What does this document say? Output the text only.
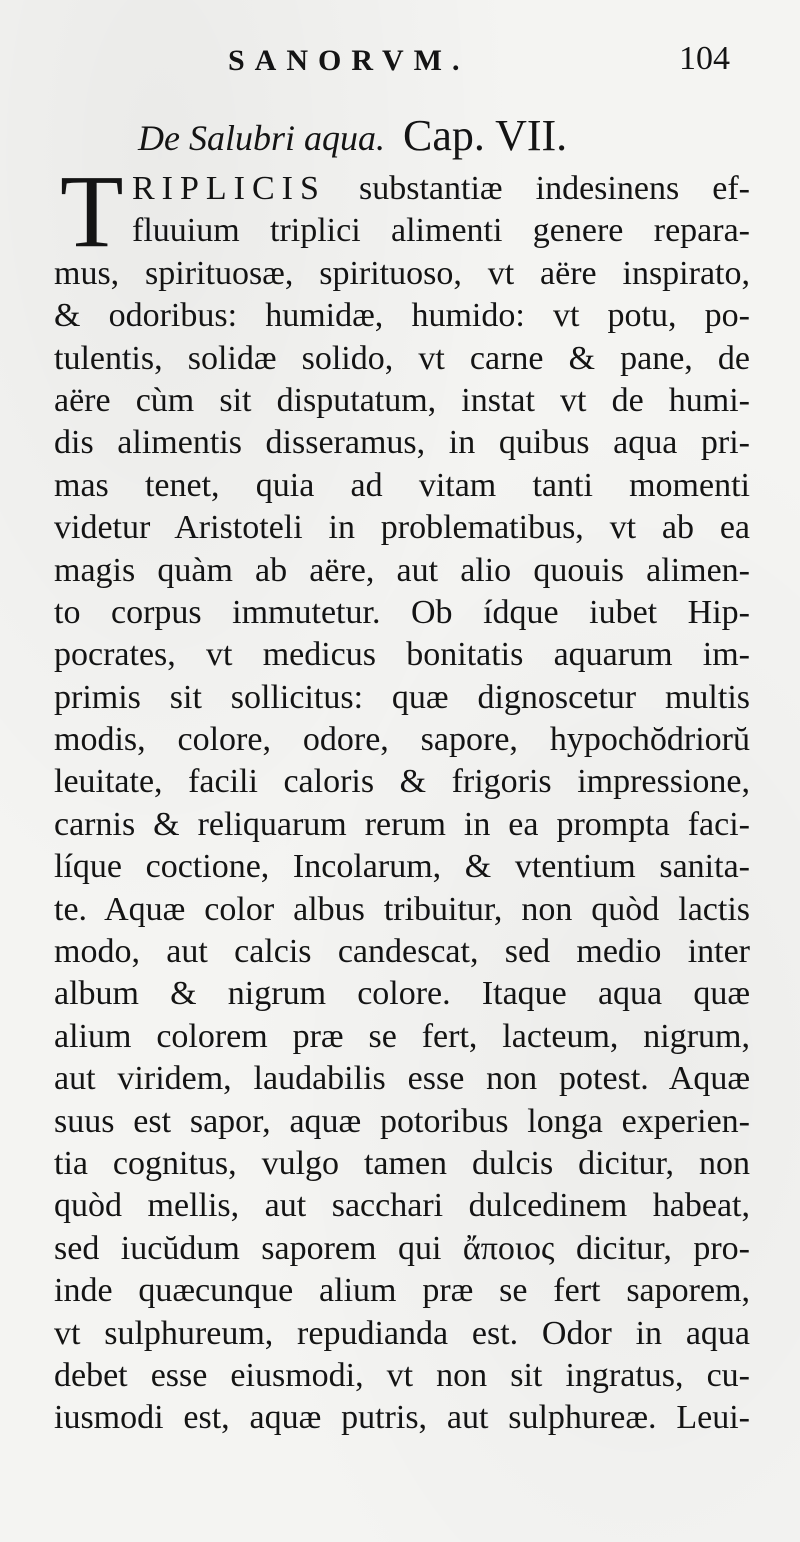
SANORVM.	104
De Salubri aqua. Cap. VII.
T RIPLICIS substantiæ indesinens ef-
fluuium triplici alimenti genere repara-
mus, spirituosæ, spirituoso, vt aëre inspirato,
& odoribus: humidæ, humido: vt potu, po-
tulentis, solidæ solido, vt carne & pane, de
aëre cùm sit disputatum, instat vt de humi-
dis alimentis disseramus, in quibus aqua pri-
mas tenet, quia ad vitam tanti momenti
videtur Aristoteli in problematibus, vt ab ea
magis quàm ab aëre, aut alio quouis alimen-
to corpus immutetur. Ob ídque iubet Hip-
pocrates, vt medicus bonitatis aquarum im-
primis sit sollicitus: quæ dignoscetur multis
modis, colore, odore, sapore, hypochŏdriorŭ
leuitate, facili caloris & frigoris impressione,
carnis & reliquarum rerum in ea prompta faci-
líque coctione, Incolarum, & vtentium sanita-
te. Aquæ color albus tribuitur, non quòd lactis
modo, aut calcis candescat, sed medio inter
album & nigrum colore. Itaque aqua quæ
alium colorem præ se fert, lacteum, nigrum,
aut viridem, laudabilis esse non potest. Aquæ
suus est sapor, aquæ potoribus longa experien-
tia cognitus, vulgo tamen dulcis dicitur, non
quòd mellis, aut sacchari dulcedinem habeat,
sed iucŭdum saporem qui ἄποιος dicitur, pro-
inde quæcunque alium præ se fert saporem,
vt sulphureum, repudianda est. Odor in aqua
debet esse eiusmodi, vt non sit ingratus, cu-
iusmodi est, aquæ putris, aut sulphureæ. Leui-
